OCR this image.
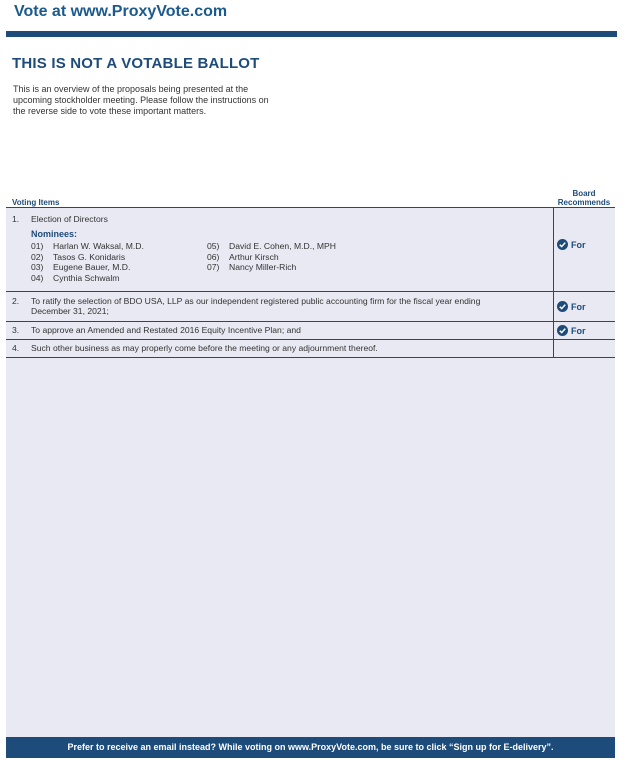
Vote at www.ProxyVote.com
THIS IS NOT A VOTABLE BALLOT
This is an overview of the proposals being presented at the
upcoming stockholder meeting. Please follow the instructions on
the reverse side to vote these important matters.
Board
Recommends
Voting Items
1. Election of Directors
Nominees:
01) Harlan W. Waksal, M.D.
02) Tasos G. Konidaris
03) Eugene Bauer, M.D.
04) Cynthia Schwalm
05) David E. Cohen, M.D., MPH
06) Arthur Kirsch
07) Nancy Miller-Rich
For
2. To ratify the selection of BDO USA, LLP as our independent registered public accounting firm for the fiscal year ending
December 31, 2021;	For
3. To approve an Amended and Restated 2016 Equity Incentive Plan; and	For
4. Such other business as may properly come before the meeting or any adjournment thereof.
Prefer to receive an email instead? While voting on www.ProxyVote.com, be sure to click “Sign up for E-delivery”.
